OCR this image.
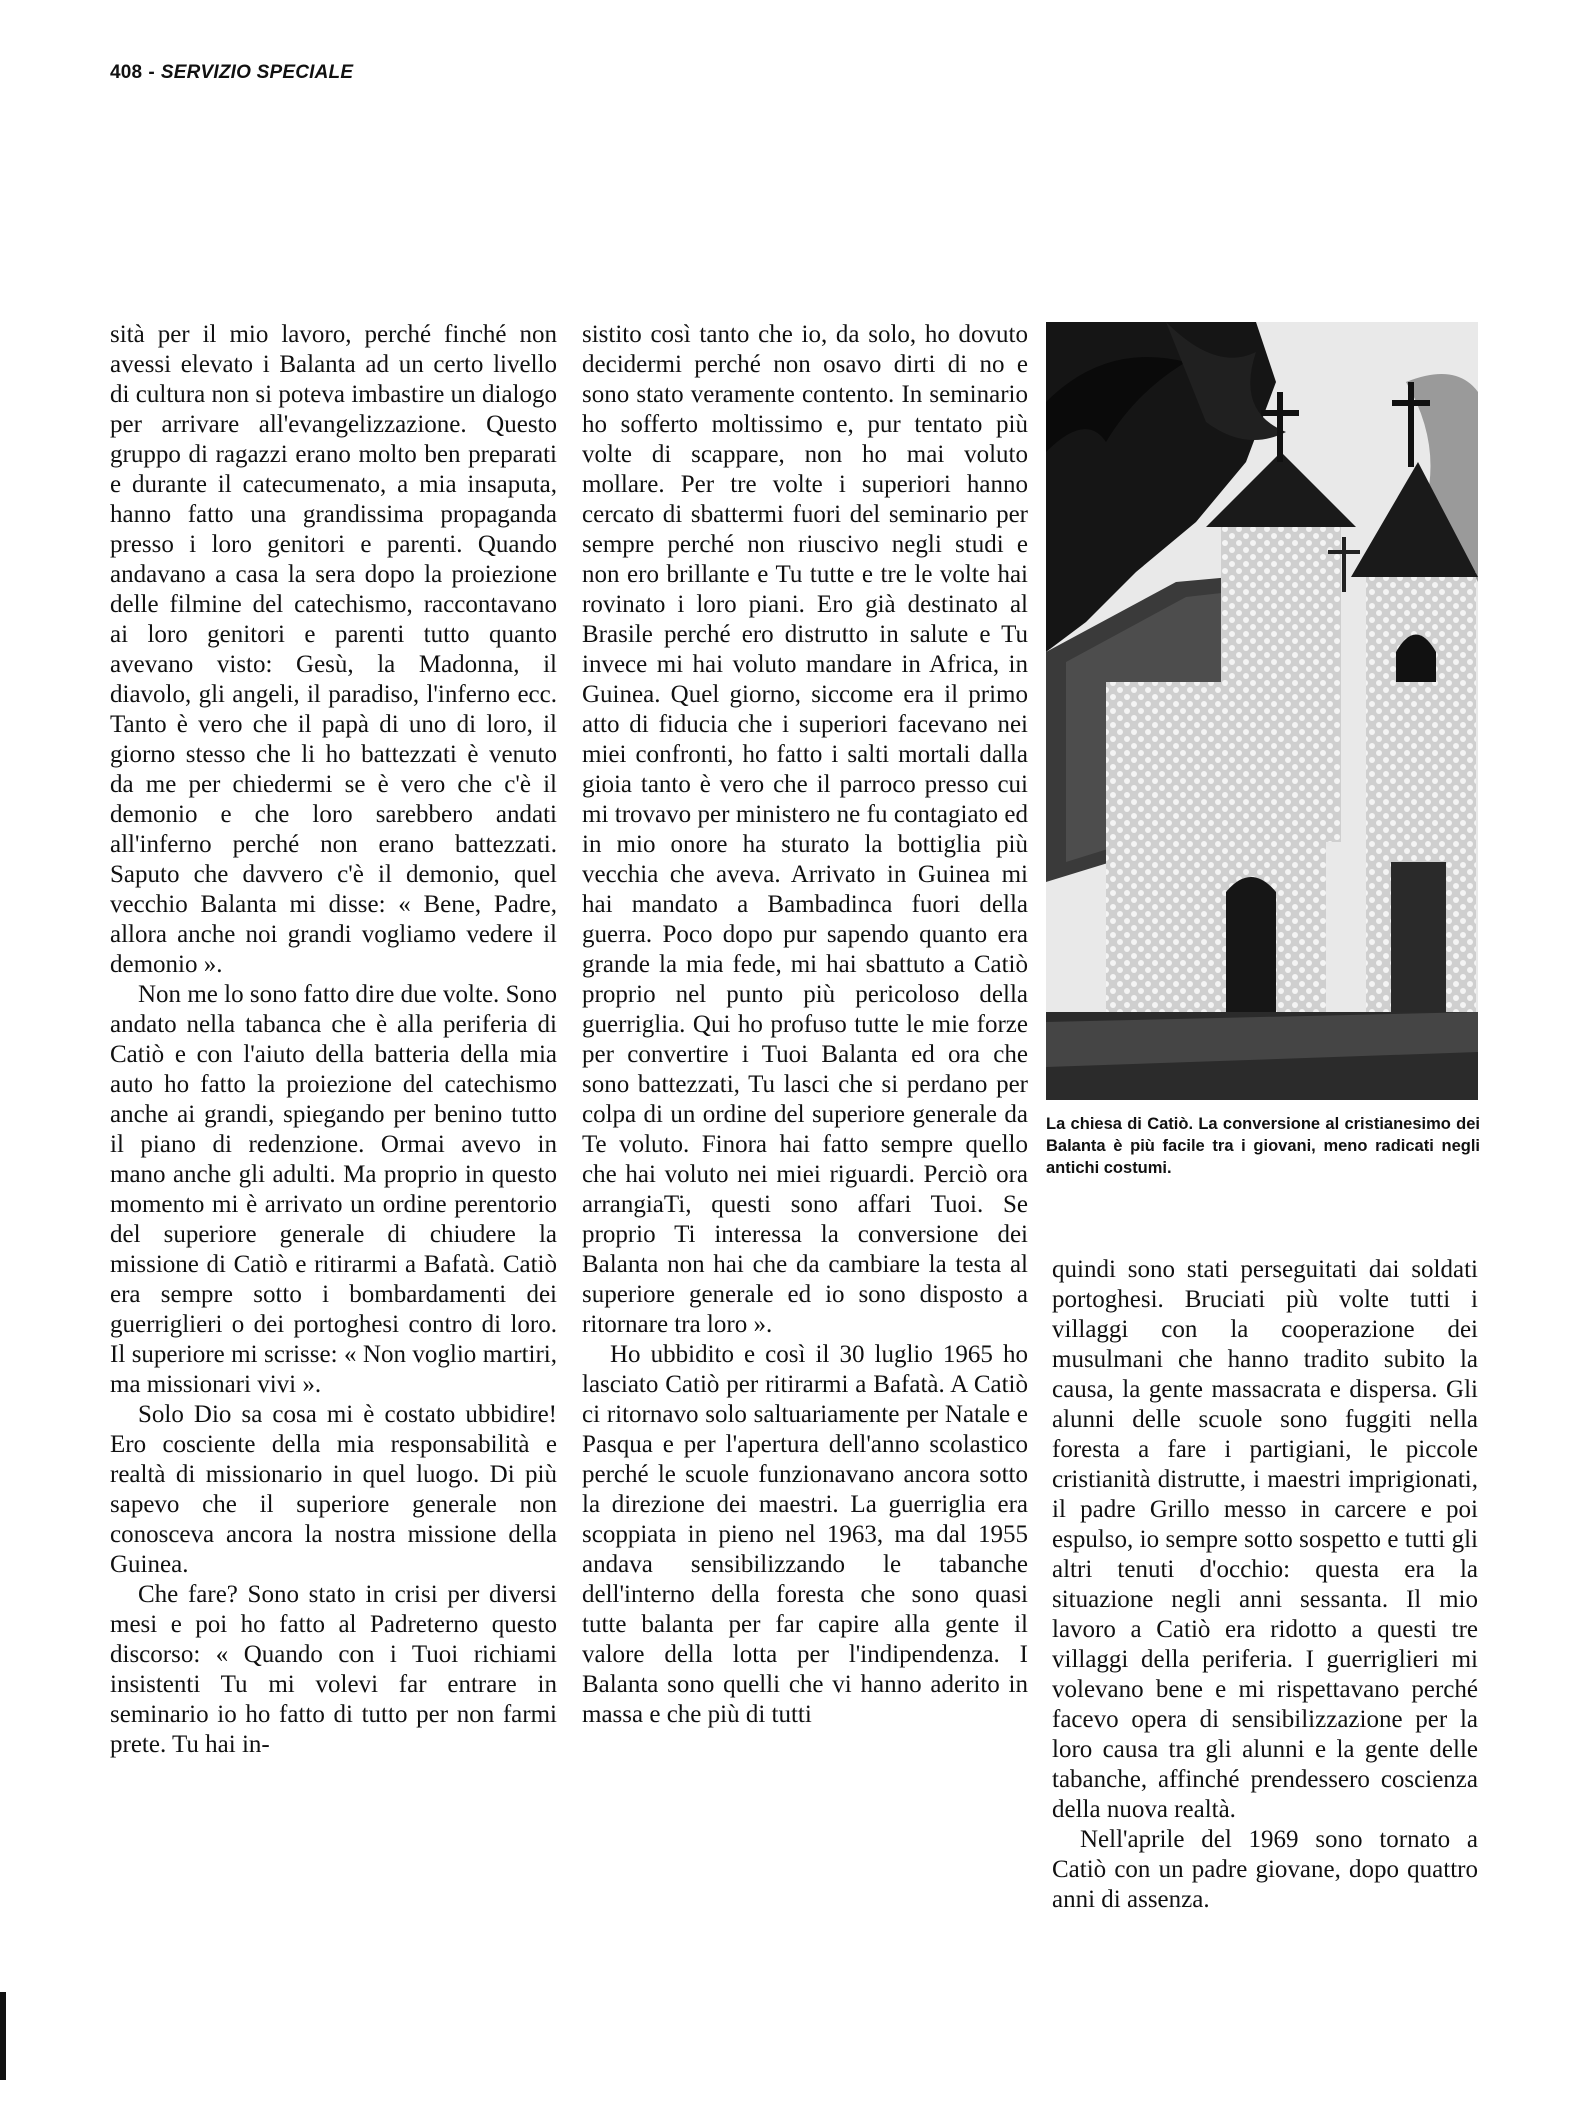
408 - SERVIZIO SPECIALE

sità per il mio lavoro, perché finché non avessi elevato i Balanta ad un certo livello di cultura non si poteva imbastire un dialogo per arrivare all'evangelizzazione. Questo gruppo di ragazzi erano molto ben preparati e durante il catecumenato, a mia insaputa, hanno fatto una grandissima propaganda presso i loro genitori e parenti. Quando andavano a casa la sera dopo la proiezione delle filmine del catechismo, raccontavano ai loro genitori e parenti tutto quanto avevano visto: Gesù, la Madonna, il diavolo, gli angeli, il paradiso, l'inferno ecc. Tanto è vero che il papà di uno di loro, il giorno stesso che li ho battezzati è venuto da me per chiedermi se è vero che c'è il demonio e che loro sarebbero andati all'inferno perché non erano battezzati. Saputo che davvero c'è il demonio, quel vecchio Balanta mi disse: « Bene, Padre, allora anche noi grandi vogliamo vedere il demonio ».

Non me lo sono fatto dire due volte. Sono andato nella tabanca che è alla periferia di Catiò e con l'aiuto della batteria della mia auto ho fatto la proiezione del catechismo anche ai grandi, spiegando per benino tutto il piano di redenzione. Ormai avevo in mano anche gli adulti. Ma proprio in questo momento mi è arrivato un ordine perentorio del superiore generale di chiudere la missione di Catiò e ritirarmi a Bafatà. Catiò era sempre sotto i bombardamenti dei guerriglieri o dei portoghesi contro di loro. Il superiore mi scrisse: « Non voglio martiri, ma missionari vivi ».

Solo Dio sa cosa mi è costato ubbidire! Ero cosciente della mia responsabilità e realtà di missionario in quel luogo. Di più sapevo che il superiore generale non conosceva ancora la nostra missione della Guinea.

Che fare? Sono stato in crisi per diversi mesi e poi ho fatto al Padreterno questo discorso: « Quando con i Tuoi richiami insistenti Tu mi volevi far entrare in seminario io ho fatto di tutto per non farmi prete. Tu hai in-

sistito così tanto che io, da solo, ho dovuto decidermi perché non osavo dirti di no e sono stato veramente contento. In seminario ho sofferto moltissimo e, pur tentato più volte di scappare, non ho mai voluto mollare. Per tre volte i superiori hanno cercato di sbattermi fuori del seminario per sempre perché non riuscivo negli studi e non ero brillante e Tu tutte e tre le volte hai rovinato i loro piani. Ero già destinato al Brasile perché ero distrutto in salute e Tu invece mi hai voluto mandare in Africa, in Guinea. Quel giorno, siccome era il primo atto di fiducia che i superiori facevano nei miei confronti, ho fatto i salti mortali dalla gioia tanto è vero che il parroco presso cui mi trovavo per ministero ne fu contagiato ed in mio onore ha sturato la bottiglia più vecchia che aveva. Arrivato in Guinea mi hai mandato a Bambadinca fuori della guerra. Poco dopo pur sapendo quanto era grande la mia fede, mi hai sbattuto a Catiò proprio nel punto più pericoloso della guerriglia. Qui ho profuso tutte le mie forze per convertire i Tuoi Balanta ed ora che sono battezzati, Tu lasci che si perdano per colpa di un ordine del superiore generale da Te voluto. Finora hai fatto sempre quello che hai voluto nei miei riguardi. Perciò ora arrangiaTi, questi sono affari Tuoi. Se proprio Ti interessa la conversione dei Balanta non hai che da cambiare la testa al superiore generale ed io sono disposto a ritornare tra loro ».

Ho ubbidito e così il 30 luglio 1965 ho lasciato Catiò per ritirarmi a Bafatà. A Catiò ci ritornavo solo saltuariamente per Natale e Pasqua e per l'apertura dell'anno scolastico perché le scuole funzionavano ancora sotto la direzione dei maestri. La guerriglia era scoppiata in pieno nel 1963, ma dal 1955 andava sensibilizzando le tabanche dell'interno della foresta che sono quasi tutte balanta per far capire alla gente il valore della lotta per l'indipendenza. I Balanta sono quelli che vi hanno aderito in massa e che più di tutti

La chiesa di Catiò. La conversione al cristianesimo dei Balanta è più facile tra i giovani, meno radicati negli antichi costumi.

quindi sono stati perseguitati dai soldati portoghesi. Bruciati più volte tutti i villaggi con la cooperazione dei musulmani che hanno tradito subito la causa, la gente massacrata e dispersa. Gli alunni delle scuole sono fuggiti nella foresta a fare i partigiani, le piccole cristianità distrutte, i maestri imprigionati, il padre Grillo messo in carcere e poi espulso, io sempre sotto sospetto e tutti gli altri tenuti d'occhio: questa era la situazione negli anni sessanta. Il mio lavoro a Catiò era ridotto a questi tre villaggi della periferia. I guerriglieri mi volevano bene e mi rispettavano perché facevo opera di sensibilizzazione per la loro causa tra gli alunni e la gente delle tabanche, affinché prendessero coscienza della nuova realtà.

Nell'aprile del 1969 sono tornato a Catiò con un padre giovane, dopo quattro anni di assenza.
